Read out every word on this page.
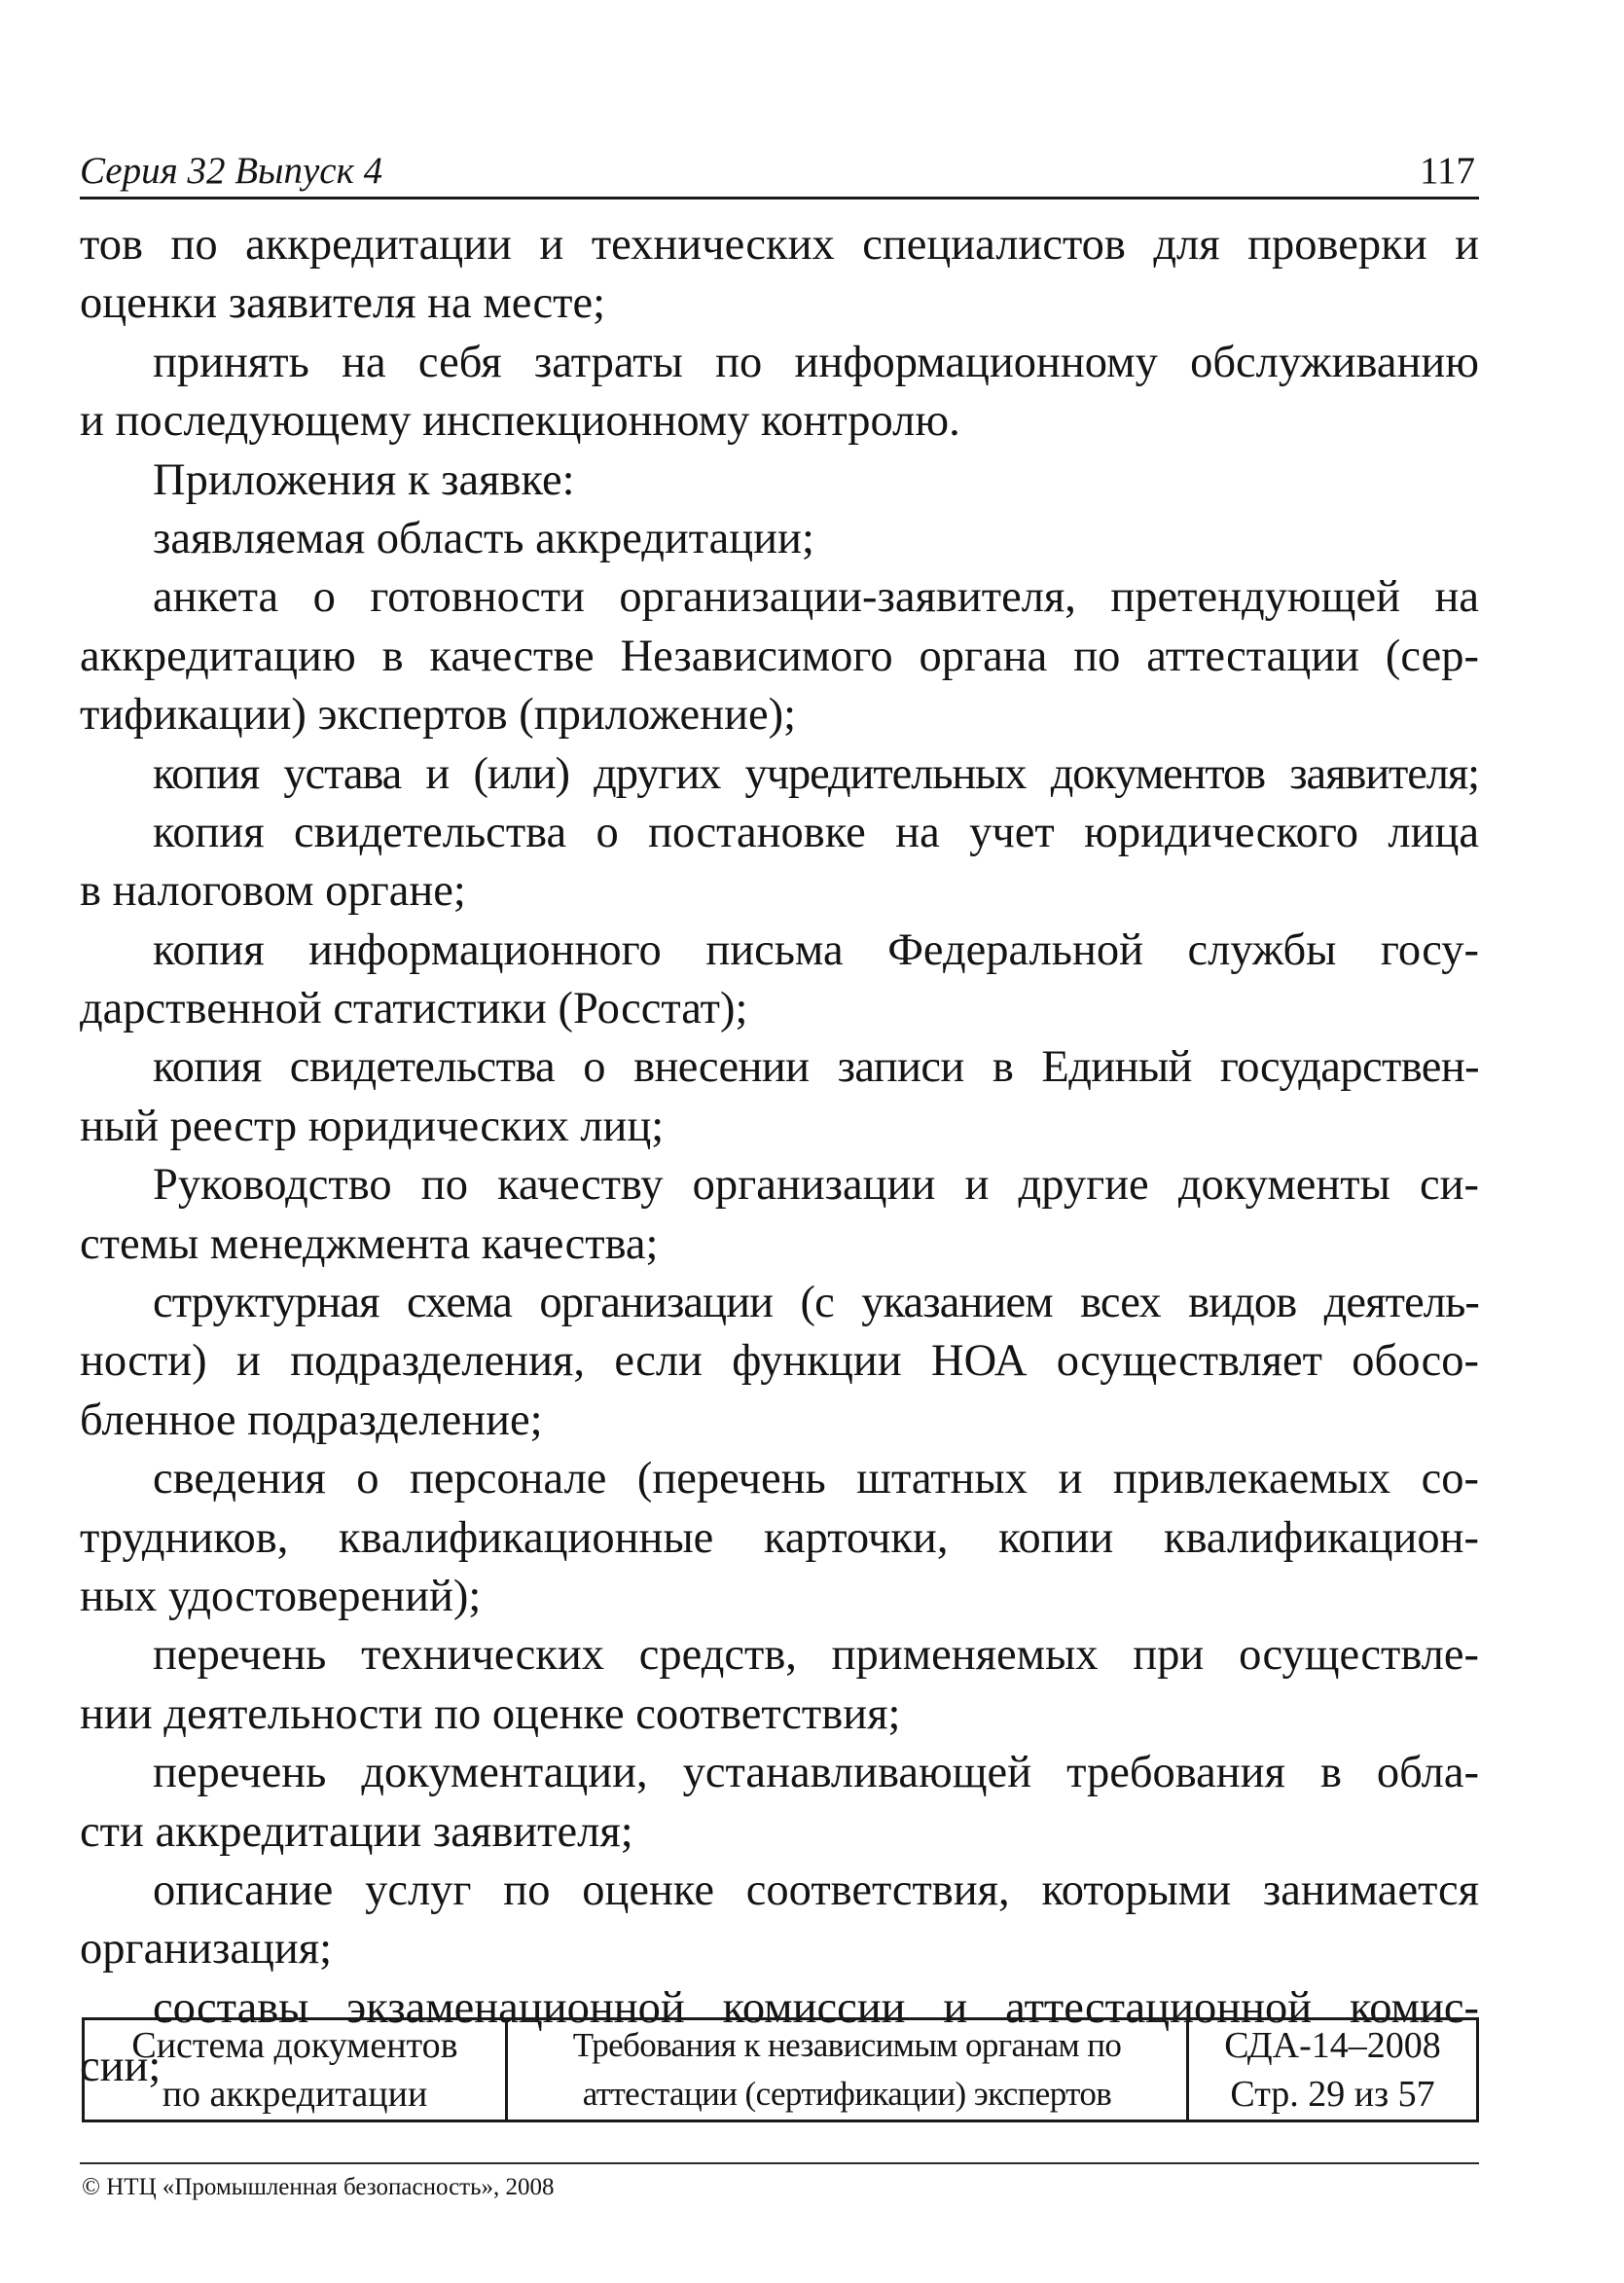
Серия 32 Выпуск 4	117
тов по аккредитации и технических специалистов для проверки и
оценки заявителя на месте;
принять на себя затраты по информационному обслуживанию
и последующему инспекционному контролю.
Приложения к заявке:
заявляемая область аккредитации;
анкета о готовности организации-заявителя, претендующей на
аккредитацию в качестве Независимого органа по аттестации (сер-
тификации) экспертов (приложение);
копия устава и (или) других учредительных документов заявителя;
копия свидетельства о постановке на учет юридического лица
в налоговом органе;
копия информационного письма Федеральной службы госу-
дарственной статистики (Росстат);
копия свидетельства о внесении записи в Единый государствен-
ный реестр юридических лиц;
Руководство по качеству организации и другие документы си-
стемы менеджмента качества;
структурная схема организации (с указанием всех видов деятель-
ности) и подразделения, если функции НОА осуществляет обосо-
бленное подразделение;
сведения о персонале (перечень штатных и привлекаемых со-
трудников, квалификационные карточки, копии квалификацион-
ных удостоверений);
перечень технических средств, применяемых при осуществле-
нии деятельности по оценке соответствия;
перечень документации, устанавливающей требования в обла-
сти аккредитации заявителя;
описание услуг по оценке соответствия, которыми занимается
организация;
составы экзаменационной комиссии и аттестационной комис-
сии;
Система документов
по аккредитации
Требования к независимым органам по
аттестации (сертификации) экспертов
СДА-14–2008
Стр. 29 из 57
© НТЦ «Промышленная безопасность», 2008
